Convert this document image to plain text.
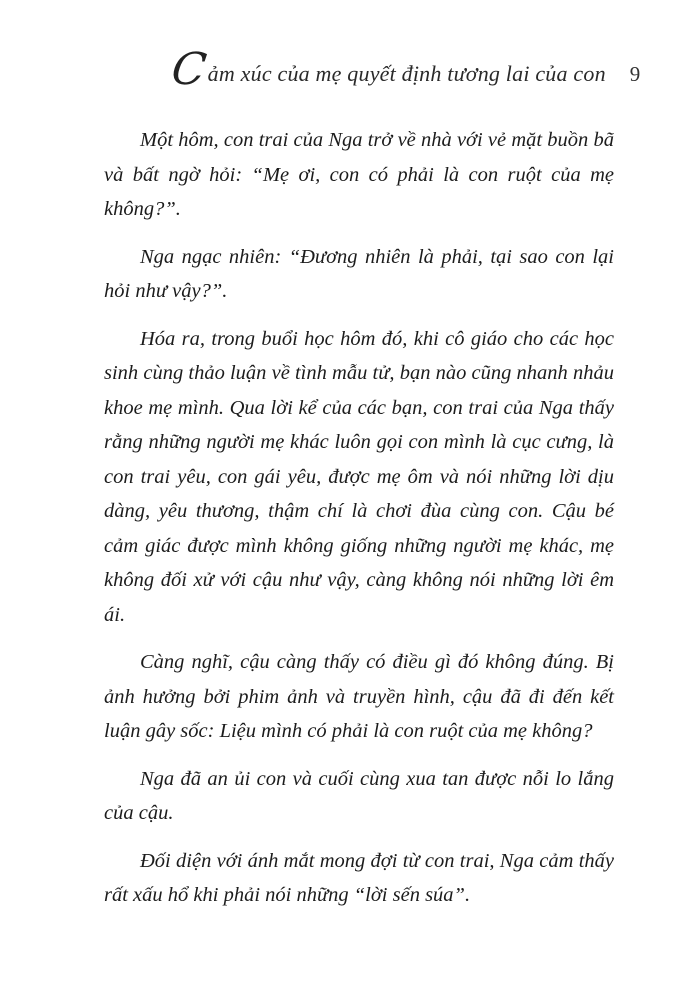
C
ảm xúc của mẹ quyết định tương lai của con 9

Một hôm, con trai của Nga trở về nhà với vẻ mặt buồn bã và bất ngờ hỏi: “Mẹ ơi, con có phải là con ruột của mẹ không?”.

Nga ngạc nhiên: “Đương nhiên là phải, tại sao con lại hỏi như vậy?”.

Hóa ra, trong buổi học hôm đó, khi cô giáo cho các học sinh cùng thảo luận về tình mẫu tử, bạn nào cũng nhanh nhảu khoe mẹ mình. Qua lời kể của các bạn, con trai của Nga thấy rằng những người mẹ khác luôn gọi con mình là cục cưng, là con trai yêu, con gái yêu, được mẹ ôm và nói những lời dịu dàng, yêu thương, thậm chí là chơi đùa cùng con. Cậu bé cảm giác được mình không giống những người mẹ khác, mẹ không đối xử với cậu như vậy, càng không nói những lời êm ái.

Càng nghĩ, cậu càng thấy có điều gì đó không đúng. Bị ảnh hưởng bởi phim ảnh và truyền hình, cậu đã đi đến kết luận gây sốc: Liệu mình có phải là con ruột của mẹ không?

Nga đã an ủi con và cuối cùng xua tan được nỗi lo lắng của cậu.

Đối diện với ánh mắt mong đợi từ con trai, Nga cảm thấy rất xấu hổ khi phải nói những “lời sến súa”.
